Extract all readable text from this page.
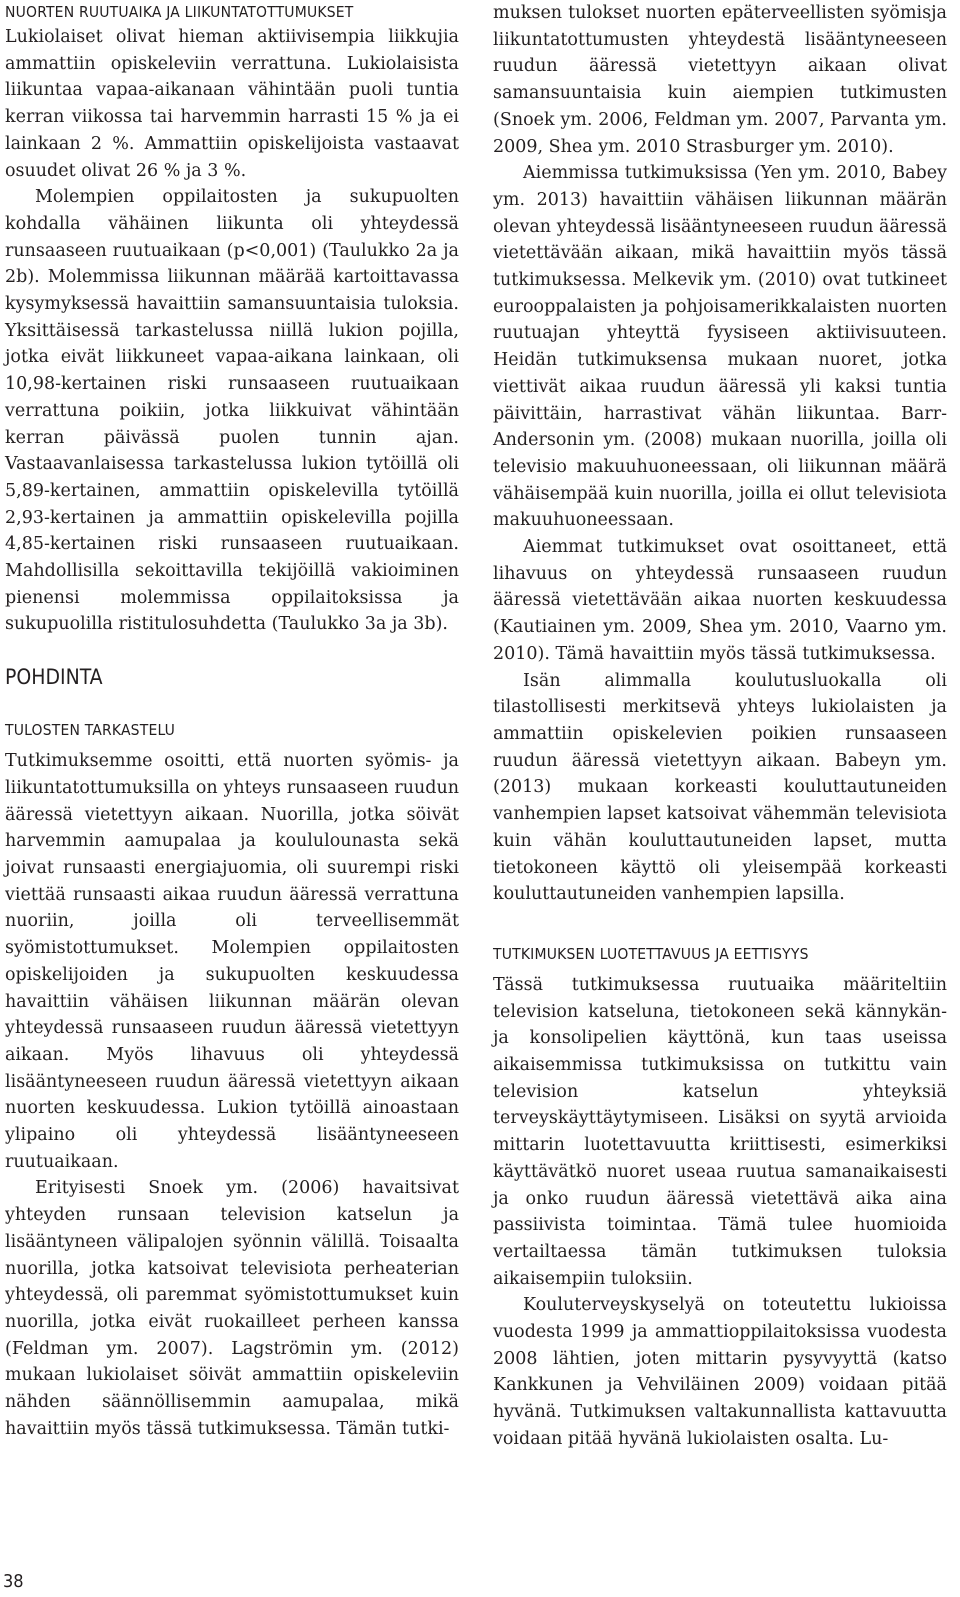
NUORTEN RUUTUAIKA JA LIIKUNTATOTTUMUKSET

Lukiolaiset olivat hieman aktiivisempia liikkujia ammattiin opiskeleviin verrattuna. Lukiolaisista liikuntaa vapaa-aikanaan vähintään puoli tuntia kerran viikossa tai harvemmin harrasti 15 % ja ei lainkaan 2 %. Ammattiin opiskelijoista vastaavat osuudet olivat 26 % ja 3 %.

Molempien oppilaitosten ja sukupuolten kohdalla vähäinen liikunta oli yhteydessä runsaaseen ruutuaikaan (p<0,001) (Taulukko 2a ja 2b). Molemmissa liikunnan määrää kartoittavassa kysymyksessä havaittiin samansuuntaisia tuloksia. Yksittäisessä tarkastelussa niillä lukion pojilla, jotka eivät liikkuneet vapaa-aikana lainkaan, oli 10,98-kertainen riski runsaaseen ruutuaikaan verrattuna poikiin, jotka liikkuivat vähintään kerran päivässä puolen tunnin ajan. Vastaavanlaisessa tarkastelussa lukion tytöillä oli 5,89-kertainen, ammattiin opiskelevilla tytöillä 2,93-kertainen ja ammattiin opiskelevilla pojilla 4,85-kertainen riski runsaaseen ruutuaikaan. Mahdollisilla sekoittavilla tekijöillä vakioiminen pienensi molemmissa oppilaitoksissa ja sukupuolilla ristitulosuhdetta (Taulukko 3a ja 3b).

POHDINTA
TULOSTEN TARKASTELU

Tutkimuksemme osoitti, että nuorten syömis- ja liikuntatottumuksilla on yhteys runsaaseen ruudun ääressä vietettyyn aikaan. Nuorilla, jotka söivät harvemmin aamupalaa ja koululounasta sekä joivat runsaasti energiajuomia, oli suurempi riski viettää runsaasti aikaa ruudun ääressä verrattuna nuoriin, joilla oli terveellisemmät syömistottumukset. Molempien oppilaitosten opiskelijoiden ja sukupuolten keskuudessa havaittiin vähäisen liikunnan määrän olevan yhteydessä runsaaseen ruudun ääressä vietettyyn aikaan. Myös lihavuus oli yhteydessä lisääntyneeseen ruudun ääressä vietettyyn aikaan nuorten keskuudessa. Lukion tytöillä ainoastaan ylipaino oli yhteydessä lisääntyneeseen ruutuaikaan.

Erityisesti Snoek ym. (2006) havaitsivat yhteyden runsaan television katselun ja lisääntyneen välipalojen syönnin välillä. Toisaalta nuorilla, jotka katsoivat televisiota perheaterian yhteydessä, oli paremmat syömistottumukset kuin nuorilla, jotka eivät ruokailleet perheen kanssa (Feldman ym. 2007). Lagströmin ym. (2012) mukaan lukiolaiset söivät ammattiin opiskeleviin nähden säännöllisemmin aamupalaa, mikä havaittiin myös tässä tutkimuksessa. Tämän tutki-

muksen tulokset nuorten epäterveellisten syömisja liikuntatottumusten yhteydestä lisääntyneeseen ruudun ääressä vietettyyn aikaan olivat samansuuntaisia kuin aiempien tutkimusten (Snoek ym. 2006, Feldman ym. 2007, Parvanta ym. 2009, Shea ym. 2010 Strasburger ym. 2010).

Aiemmissa tutkimuksissa (Yen ym. 2010, Babey ym. 2013) havaittiin vähäisen liikunnan määrän olevan yhteydessä lisääntyneeseen ruudun ääressä vietettävään aikaan, mikä havaittiin myös tässä tutkimuksessa. Melkevik ym. (2010) ovat tutkineet eurooppalaisten ja pohjoisamerikkalaisten nuorten ruutuajan yhteyttä fyysiseen aktiivisuuteen. Heidän tutkimuksensa mukaan nuoret, jotka viettivät aikaa ruudun ääressä yli kaksi tuntia päivittäin, harrastivat vähän liikuntaa. Barr-Andersonin ym. (2008) mukaan nuorilla, joilla oli televisio makuuhuoneessaan, oli liikunnan määrä vähäisempää kuin nuorilla, joilla ei ollut televisiota makuuhuoneessaan.

Aiemmat tutkimukset ovat osoittaneet, että lihavuus on yhteydessä runsaaseen ruudun ääressä vietettävään aikaa nuorten keskuudessa (Kautiainen ym. 2009, Shea ym. 2010, Vaarno ym. 2010). Tämä havaittiin myös tässä tutkimuksessa.

Isän alimmalla koulutusluokalla oli tilastollisesti merkitsevä yhteys lukiolaisten ja ammattiin opiskelevien poikien runsaaseen ruudun ääressä vietettyyn aikaan. Babeyn ym. (2013) mukaan korkeasti kouluttautuneiden vanhempien lapset katsoivat vähemmän televisiota kuin vähän kouluttautuneiden lapset, mutta tietokoneen käyttö oli yleisempää korkeasti kouluttautuneiden vanhempien lapsilla.

TUTKIMUKSEN LUOTETTAVUUS JA EETTISYYS

Tässä tutkimuksessa ruutuaika määriteltiin television katseluna, tietokoneen sekä kännykän- ja konsolipelien käyttönä, kun taas useissa aikaisemmissa tutkimuksissa on tutkittu vain television katselun yhteyksiä terveyskäyttäytymiseen. Lisäksi on syytä arvioida mittarin luotettavuutta kriittisesti, esimerkiksi käyttävätkö nuoret useaa ruutua samanaikaisesti ja onko ruudun ääressä vietettävä aika aina passiivista toimintaa. Tämä tulee huomioida vertailtaessa tämän tutkimuksen tuloksia aikaisempiin tuloksiin.

Kouluterveyskyselyä on toteutettu lukioissa vuodesta 1999 ja ammattioppilaitoksissa vuodesta 2008 lähtien, joten mittarin pysyvyyttä (katso Kankkunen ja Vehviläinen 2009) voidaan pitää hyvänä. Tutkimuksen valtakunnallista kattavuutta voidaan pitää hyvänä lukiolaisten osalta. Lu-

38
